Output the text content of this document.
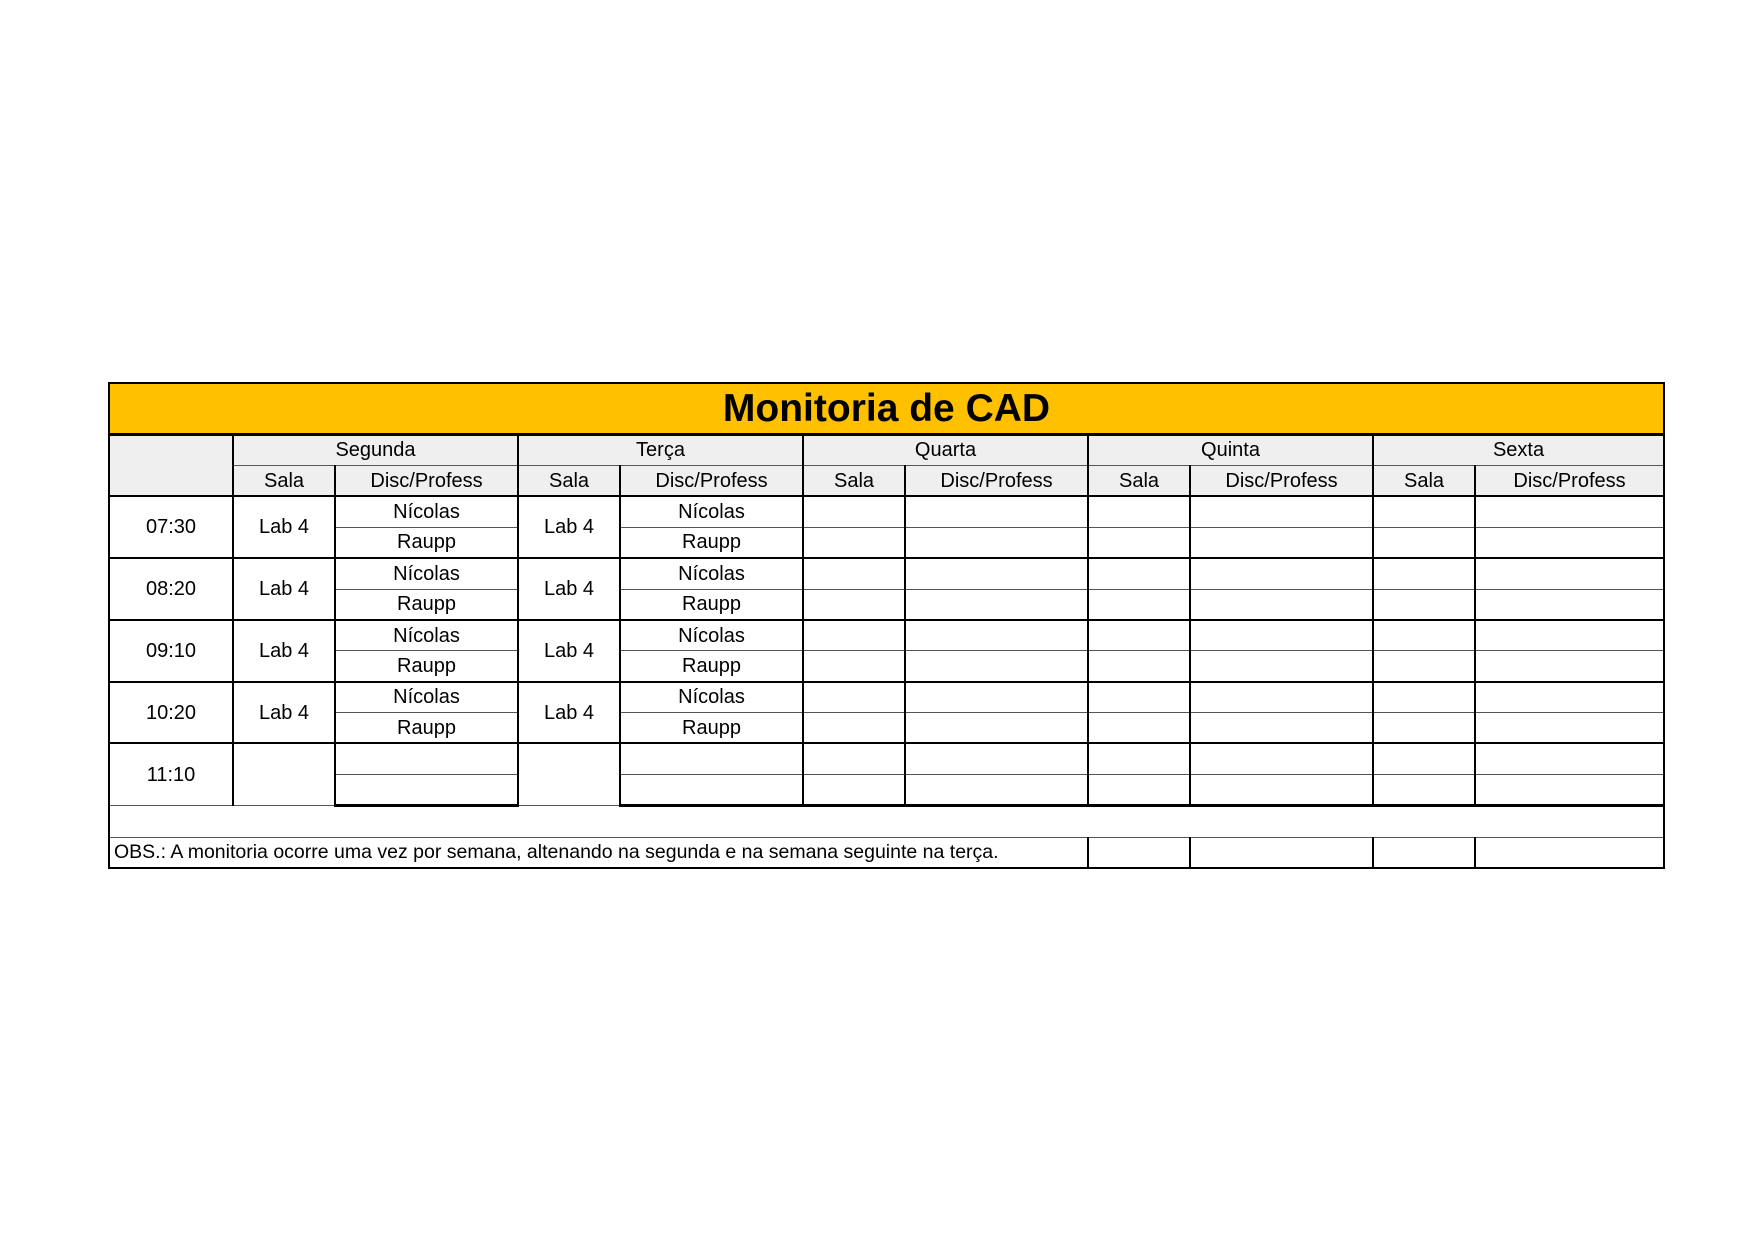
Monitoria de CAD										
	Segunda		Terça		Quarta		Quinta		Sexta	
	Sala	Disc/Profess	Sala	Disc/Profess	Sala	Disc/Profess	Sala	Disc/Profess	Sala	Disc/Profess
07:30	Lab 4	Nícolas	Lab 4	Nícolas						
		Raupp		Raupp						
08:20	Lab 4	Nícolas	Lab 4	Nícolas						
		Raupp		Raupp						
09:10	Lab 4	Nícolas	Lab 4	Nícolas						
		Raupp		Raupp						
10:20	Lab 4	Nícolas	Lab 4	Nícolas						
		Raupp		Raupp						
11:10										

OBS.: A monitoria ocorre uma vez por semana, altenando na segunda e na semana seguinte na terça.										
